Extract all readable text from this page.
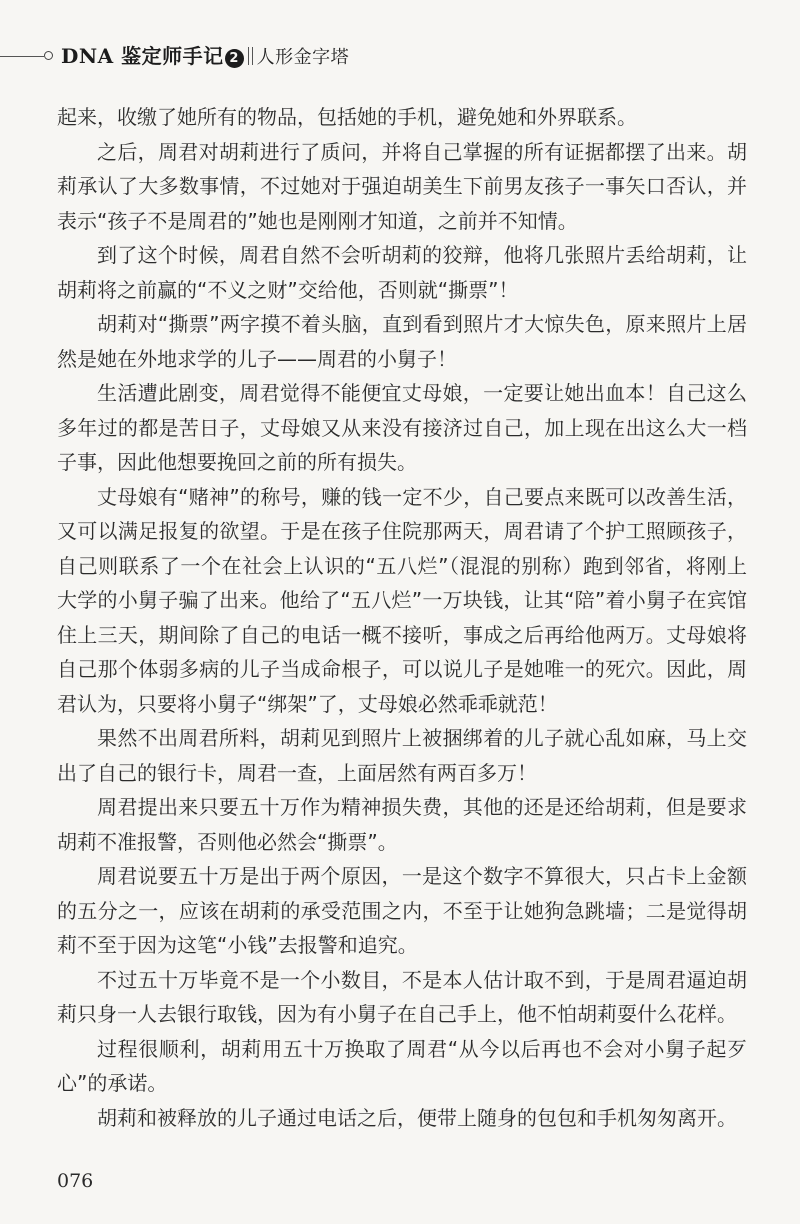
DNA 鉴定师手记 2 人形金字塔

起来，收缴了她所有的物品，包括她的手机，避免她和外界联系。

之后，周君对胡莉进行了质问，并将自己掌握的所有证据都摆了出来。胡莉承认了大多数事情，不过她对于强迫胡美生下前男友孩子一事矢口否认，并表示“孩子不是周君的”她也是刚刚才知道，之前并不知情。

到了这个时候，周君自然不会听胡莉的狡辩，他将几张照片丢给胡莉，让胡莉将之前赢的“不义之财”交给他，否则就“撕票”！

胡莉对“撕票”两字摸不着头脑，直到看到照片才大惊失色，原来照片上居然是她在外地求学的儿子——周君的小舅子！

生活遭此剧变，周君觉得不能便宜丈母娘，一定要让她出血本！自己这么多年过的都是苦日子，丈母娘又从来没有接济过自己，加上现在出这么大一档子事，因此他想要挽回之前的所有损失。

丈母娘有“赌神”的称号，赚的钱一定不少，自己要点来既可以改善生活，又可以满足报复的欲望。于是在孩子住院那两天，周君请了个护工照顾孩子，自己则联系了一个在社会上认识的“五八烂”（混混的别称）跑到邻省，将刚上大学的小舅子骗了出来。他给了“五八烂”一万块钱，让其“陪”着小舅子在宾馆住上三天，期间除了自己的电话一概不接听，事成之后再给他两万。丈母娘将自己那个体弱多病的儿子当成命根子，可以说儿子是她唯一的死穴。因此，周君认为，只要将小舅子“绑架”了，丈母娘必然乖乖就范！

果然不出周君所料，胡莉见到照片上被捆绑着的儿子就心乱如麻，马上交出了自己的银行卡，周君一查，上面居然有两百多万！

周君提出来只要五十万作为精神损失费，其他的还是还给胡莉，但是要求胡莉不准报警，否则他必然会“撕票”。

周君说要五十万是出于两个原因，一是这个数字不算很大，只占卡上金额的五分之一，应该在胡莉的承受范围之内，不至于让她狗急跳墙；二是觉得胡莉不至于因为这笔“小钱”去报警和追究。

不过五十万毕竟不是一个小数目，不是本人估计取不到，于是周君逼迫胡莉只身一人去银行取钱，因为有小舅子在自己手上，他不怕胡莉耍什么花样。

过程很顺利，胡莉用五十万换取了周君“从今以后再也不会对小舅子起歹心”的承诺。

胡莉和被释放的儿子通过电话之后，便带上随身的包包和手机匆匆离开。

076
